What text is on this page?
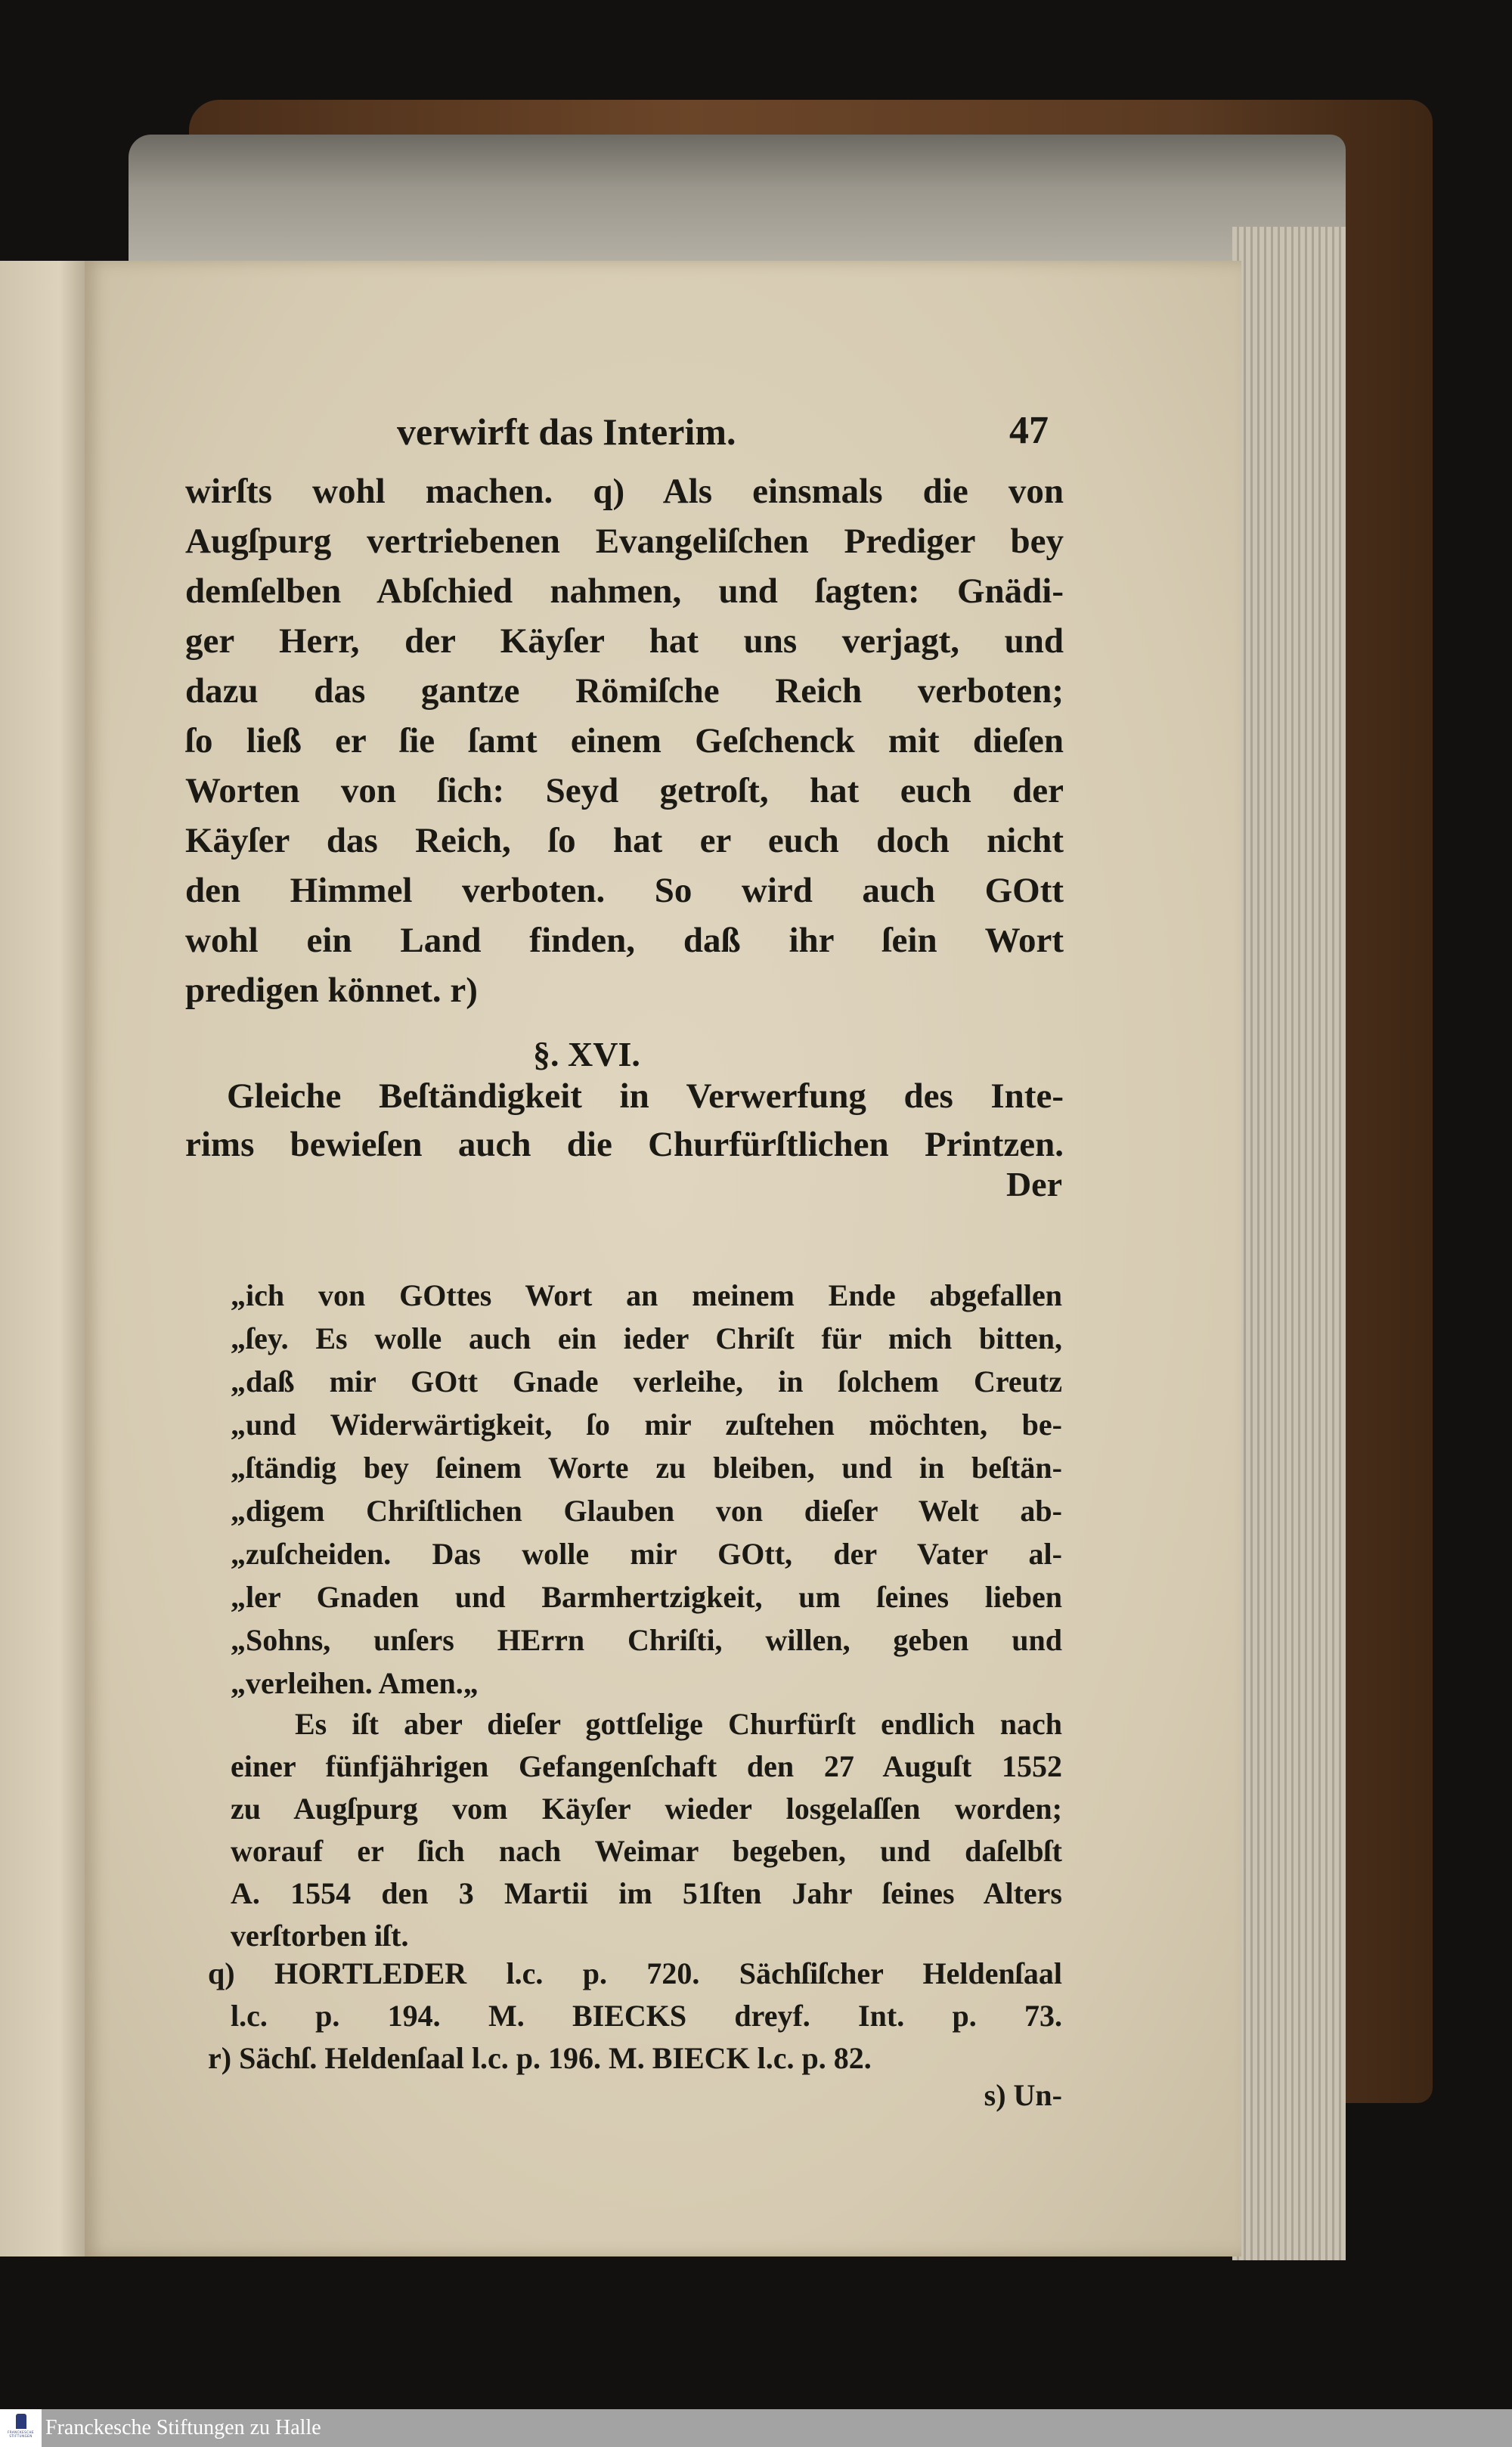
verwirft das Interim.	47
§. XVI.
Der
s) Un-
wirſts wohl machen. q) Als einsmals die von
Augſpurg vertriebenen Evangeliſchen Prediger bey
demſelben Abſchied nahmen, und ſagten: Gnädi-
ger Herr, der Käyſer hat uns verjagt, und
dazu das gantze Römiſche Reich verboten;
ſo ließ er ſie ſamt einem Geſchenck mit dieſen
Worten von ſich: Seyd getroſt, hat euch der
Käyſer das Reich, ſo hat er euch doch nicht
den Himmel verboten. So wird auch GOtt
wohl ein Land finden, daß ihr ſein Wort
predigen könnet. r)
Gleiche Beſtändigkeit in Verwerfung des Inte-
rims bewieſen auch die Churfürſtlichen Printzen.
„ich von GOttes Wort an meinem Ende abgefallen
„ſey. Es wolle auch ein ieder Chriſt für mich bitten,
„daß mir GOtt Gnade verleihe, in ſolchem Creutz
„und Widerwärtigkeit, ſo mir zuſtehen möchten, be-
„ſtändig bey ſeinem Worte zu bleiben, und in beſtän-
„digem Chriſtlichen Glauben von dieſer Welt ab-
„zuſcheiden. Das wolle mir GOtt, der Vater al-
„ler Gnaden und Barmhertzigkeit, um ſeines lieben
„Sohns, unſers HErrn Chriſti, willen, geben und
„verleihen. Amen.„
Es iſt aber dieſer gottſelige Churfürſt endlich nach
einer fünfjährigen Gefangenſchaft den 27 Auguſt 1552
zu Augſpurg vom Käyſer wieder losgelaſſen worden;
worauf er ſich nach Weimar begeben, und daſelbſt
A. 1554 den 3 Martii im 51ſten Jahr ſeines Alters
verſtorben iſt.
q) HORTLEDER l.c. p. 720. Sächſiſcher Heldenſaal
l.c. p. 194. M. BIECKS dreyf. Int. p. 73.
r) Sächſ. Heldenſaal l.c. p. 196. M. BIECK l.c. p. 82.
FRANCKESCHE STIFTUNGEN Franckesche Stiftungen zu Halle
